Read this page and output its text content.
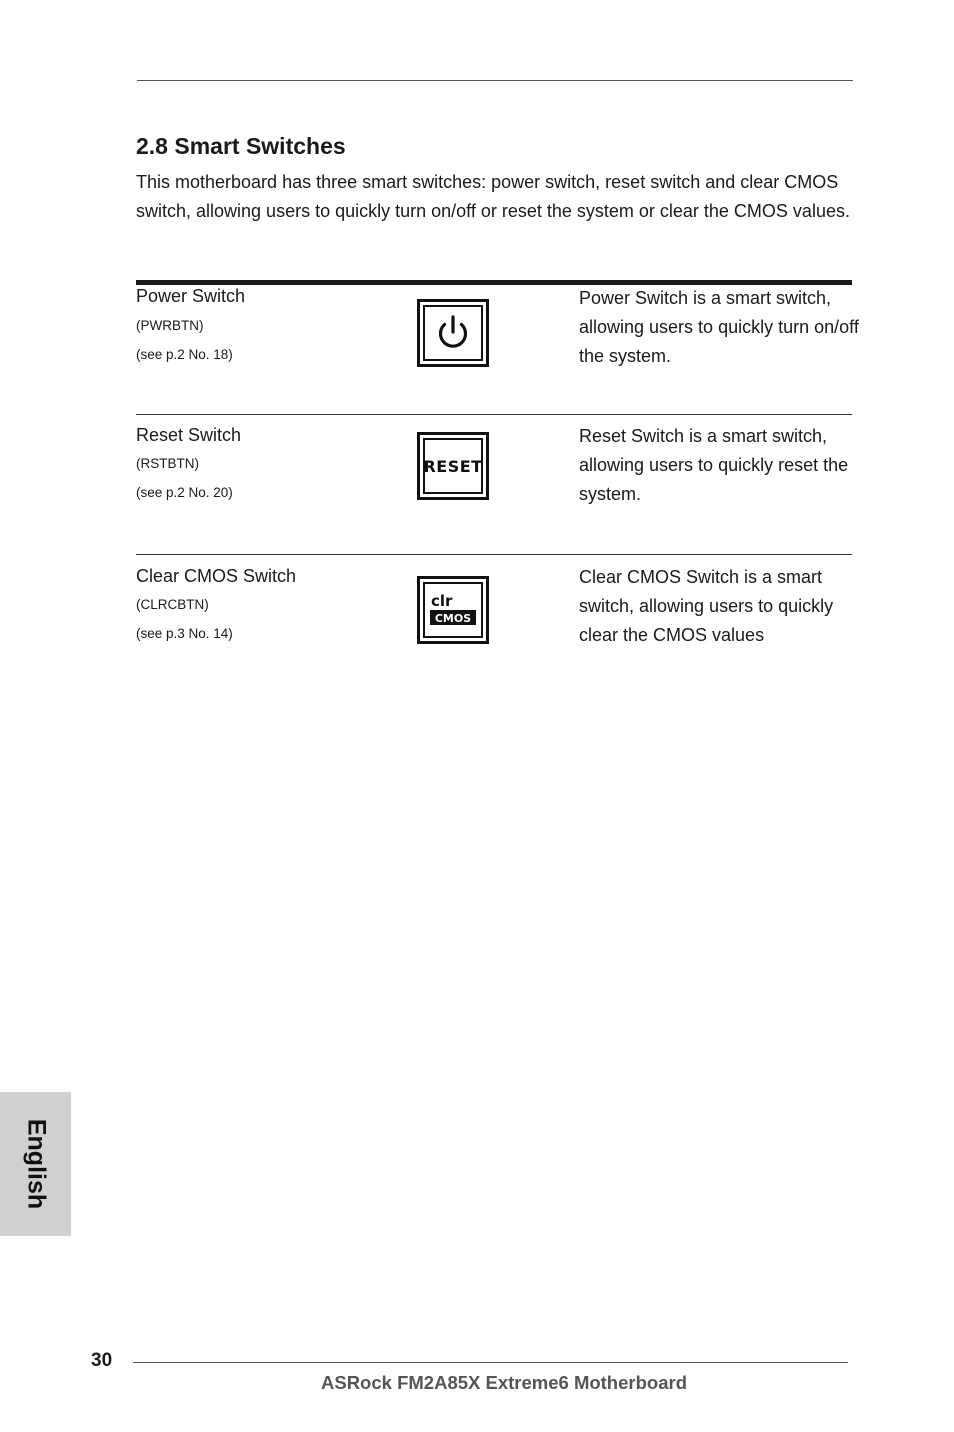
2.8 Smart Switches

This motherboard has three smart switches: power switch, reset switch and clear CMOS switch, allowing users to quickly turn on/off or reset the system or clear the CMOS values.

Power Switch
(PWRBTN)
(see p.2 No. 18)

Power Switch is a smart switch, allowing users to quickly turn on/off the system.

Reset Switch
(RSTBTN)
(see p.2 No. 20)
RESET

Reset Switch is a smart switch, allowing users to quickly reset the system.

Clear CMOS Switch
(CLRCBTN)
(see p.3 No. 14)
clr
CMOS

Clear CMOS Switch is a smart switch, allowing users to quickly clear the CMOS values

English
30
ASRock FM2A85X Extreme6 Motherboard
